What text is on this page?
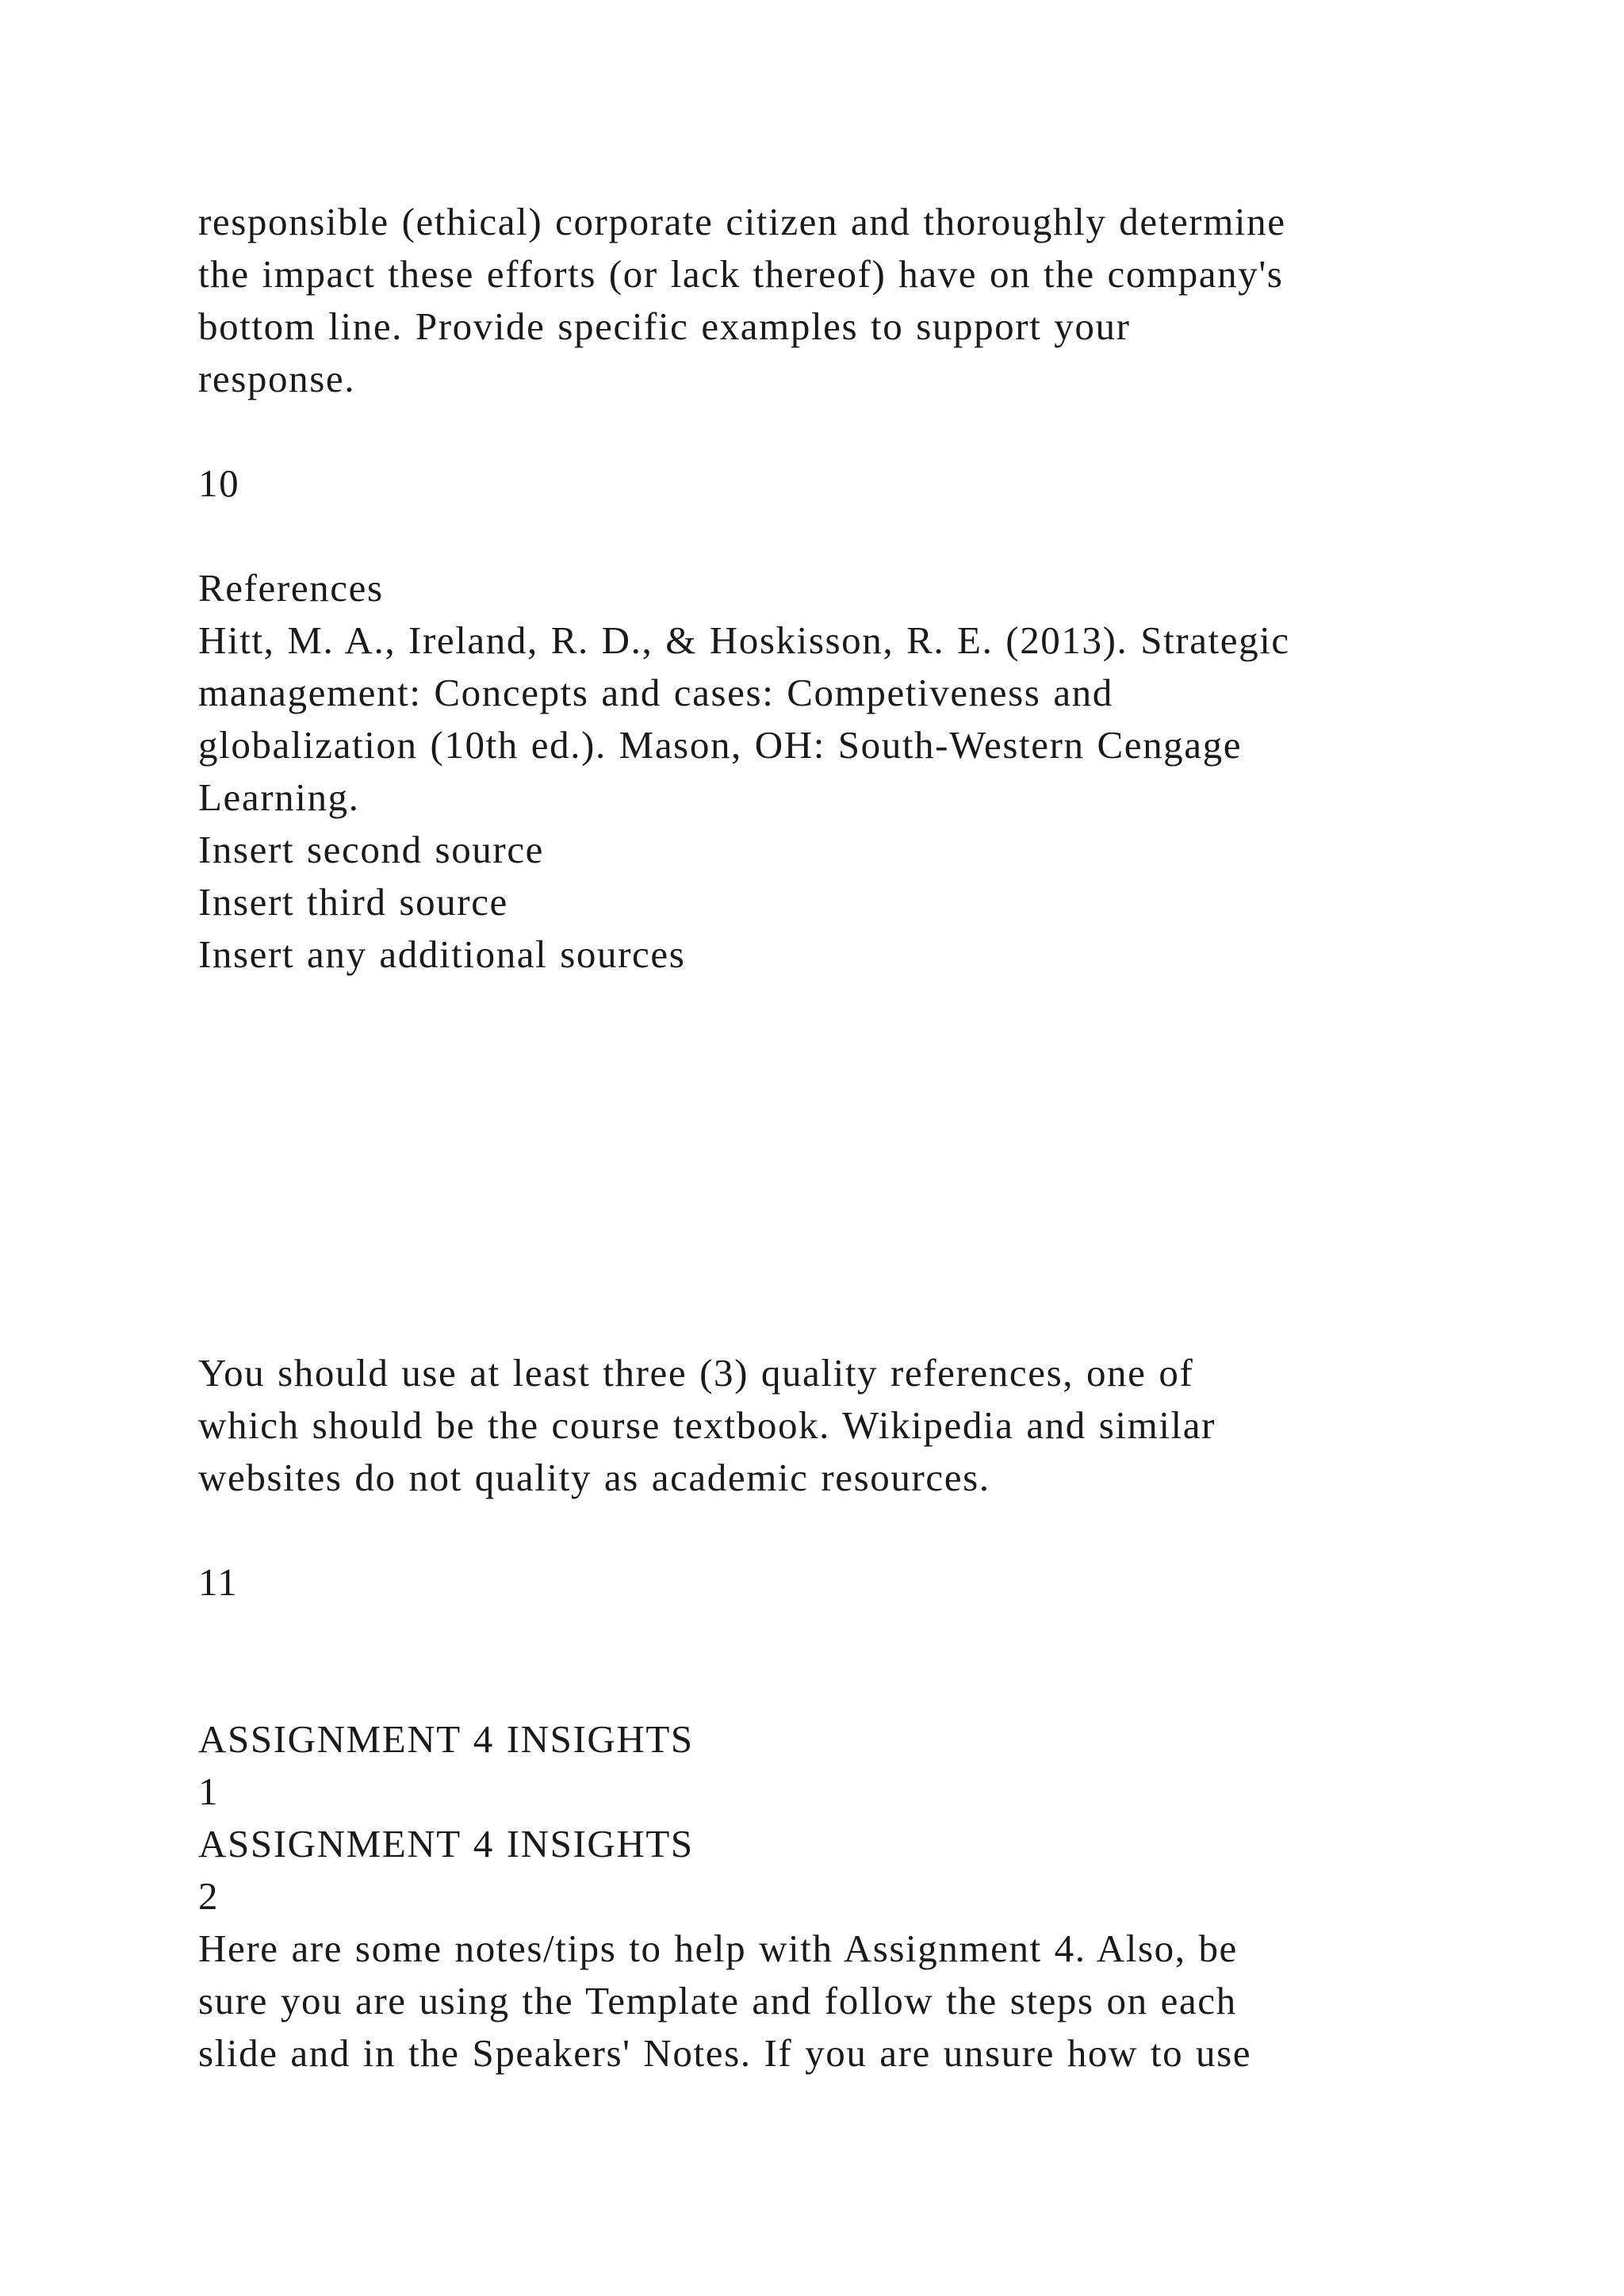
responsible (ethical) corporate citizen and thoroughly determine

the impact these efforts (or lack thereof) have on the company's

bottom line. Provide specific examples to support your

response.

10

References

Hitt, M. A., Ireland, R. D., & Hoskisson, R. E. (2013). Strategic

management: Concepts and cases: Competiveness and

globalization (10th ed.). Mason, OH: South-Western Cengage

Learning.

Insert second source

Insert third source

Insert any additional sources

You should use at least three (3) quality references, one of

which should be the course textbook. Wikipedia and similar

websites do not quality as academic resources.

11

ASSIGNMENT 4 INSIGHTS

1

ASSIGNMENT 4 INSIGHTS

2

Here are some notes/tips to help with Assignment 4. Also, be

sure you are using the Template and follow the steps on each

slide and in the Speakers' Notes. If you are unsure how to use
